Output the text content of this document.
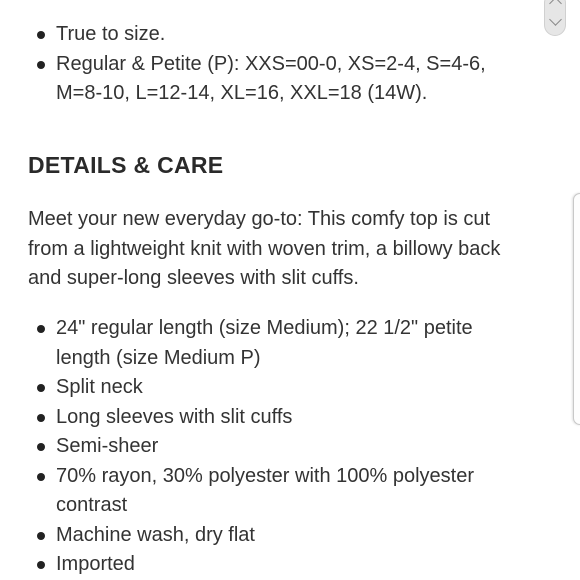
True to size.
Regular & Petite (P): XXS=00-0, XS=2-4, S=4-6, M=8-10, L=12-14, XL=16, XXL=18 (14W).
DETAILS & CARE

Meet your new everyday go-to: This comfy top is cut from a lightweight knit with woven trim, a billowy back and super-long sleeves with slit cuffs.

24" regular length (size Medium); 22 1/2" petite length (size Medium P)
Split neck
Long sleeves with slit cuffs
Semi-sheer
70% rayon, 30% polyester with 100% polyester contrast
Machine wash, dry flat
Imported
